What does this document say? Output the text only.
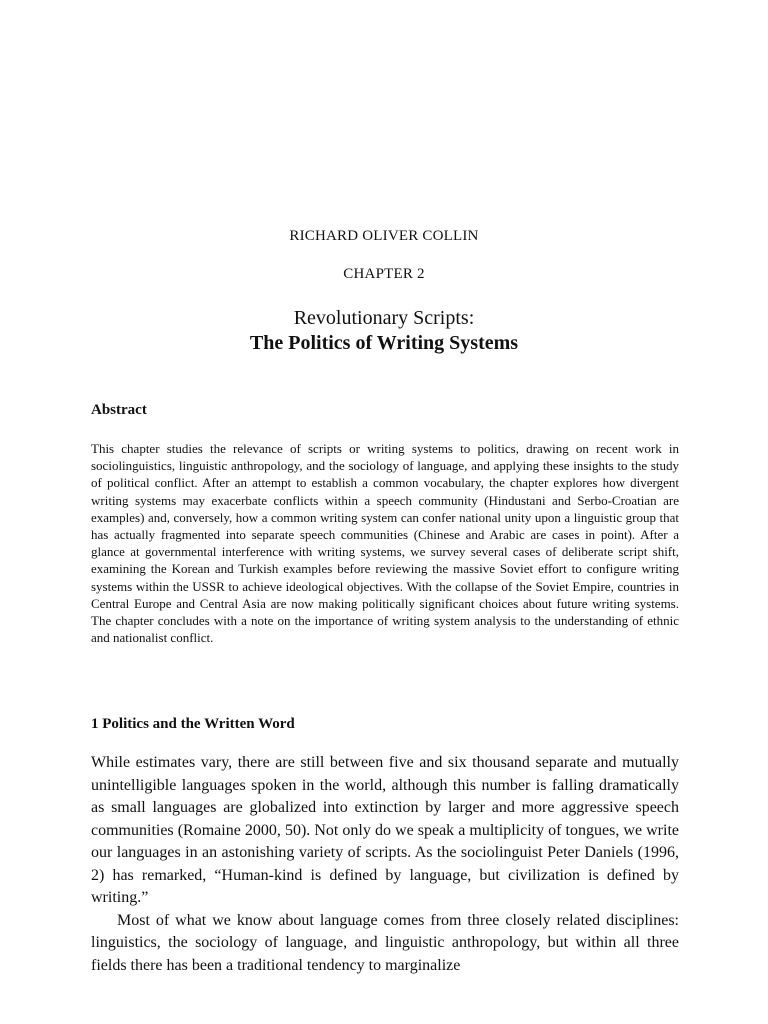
RICHARD OLIVER COLLIN
CHAPTER 2
Revolutionary Scripts:
The Politics of Writing Systems
Abstract
This chapter studies the relevance of scripts or writing systems to politics, drawing on recent work in sociolinguistics, linguistic anthropology, and the sociology of language, and applying these insights to the study of political conflict. After an attempt to establish a common vocabulary, the chapter explores how divergent writing systems may exacerbate conflicts within a speech community (Hindustani and Serbo-Croatian are examples) and, conversely, how a common writing system can confer national unity upon a linguistic group that has actually fragmented into separate speech communities (Chinese and Arabic are cases in point). After a glance at governmental interference with writing systems, we survey several cases of deliberate script shift, examining the Korean and Turkish examples before reviewing the massive Soviet effort to configure writing systems within the USSR to achieve ideological objectives. With the collapse of the Soviet Empire, countries in Central Europe and Central Asia are now making politically significant choices about future writing systems. The chapter concludes with a note on the importance of writing system analysis to the understanding of ethnic and nationalist conflict.
1 Politics and the Written Word

While estimates vary, there are still between five and six thousand separate and mutually unintelligible languages spoken in the world, although this number is falling dramatically as small languages are globalized into extinction by larger and more aggressive speech communities (Romaine 2000, 50). Not only do we speak a multiplicity of tongues, we write our languages in an astonishing variety of scripts. As the sociolinguist Peter Daniels (1996, 2) has remarked, “Human-kind is defined by language, but civilization is defined by writing.”

Most of what we know about language comes from three closely related disciplines: linguistics, the sociology of language, and linguistic anthropology, but within all three fields there has been a traditional tendency to marginalize
